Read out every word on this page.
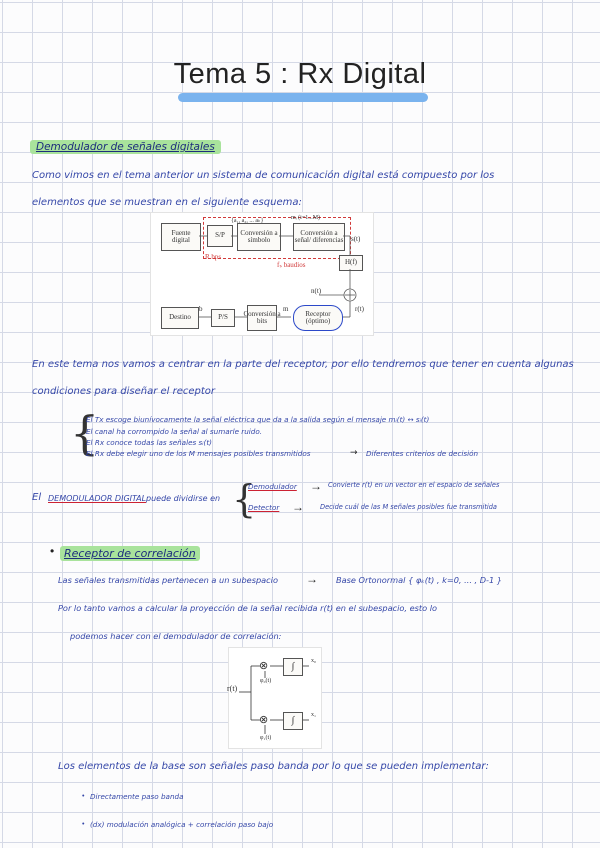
Tema 5 : Rx Digital
Demodulador de señales digitales
Como vimos en el tema anterior un sistema de comunicación digital está compuesto por los
elementos que se muestran en el siguiente esquema:
Fuente
digital
S/P	Conversión a
símbolo
Conversión a
señal/ diferencias
H(f)
R bps
fₛ baudios
{a₁, a₂, ... aₖ}	mᵢ (i=1...M)
s(t)
n(t)
r(t)
b	m
Destino	P/S	Conversión a
bits
Receptor
(óptimo)
En este tema nos vamos a centrar en la parte del receptor, por ello tendremos que tener en cuenta algunas
condiciones para diseñar el receptor
{
El Tx escoge biunívocamente la señal eléctrica que da a la salida según el mensaje mᵢ(t) ↔ sᵢ(t)
El canal ha corrompido la señal al sumarle ruido.
El Rx conoce todas las señales sᵢ(t)
El Rx debe elegir uno de los M mensajes posibles transmitidos	→ Diferentes criterios de decisión
El DEMODULADOR DIGITAL puede dividirse en {
Demodulador → Convierte r(t) en un vector en el espacio de señales
Detector → Decide cuál de las M señales posibles fue transmitida
• Receptor de correlación
Las señales transmitidas pertenecen a un subespacio → Base Ortonormal { φₖ(t) , k=0, ... , D-1 }
Por lo tanto vamos a calcular la proyección de la señal recibida r(t) en el subespacio, esto lo
podemos hacer con el demodulador de correlación:
⊗
⊗
∫
∫
r(t)
φ₀(t)
φ₁(t)
x₀
x₁
Los elementos de la base son señales paso banda por lo que se pueden implementar:
• Directamente paso banda
• (dx) modulación analógica + correlación paso bajo
